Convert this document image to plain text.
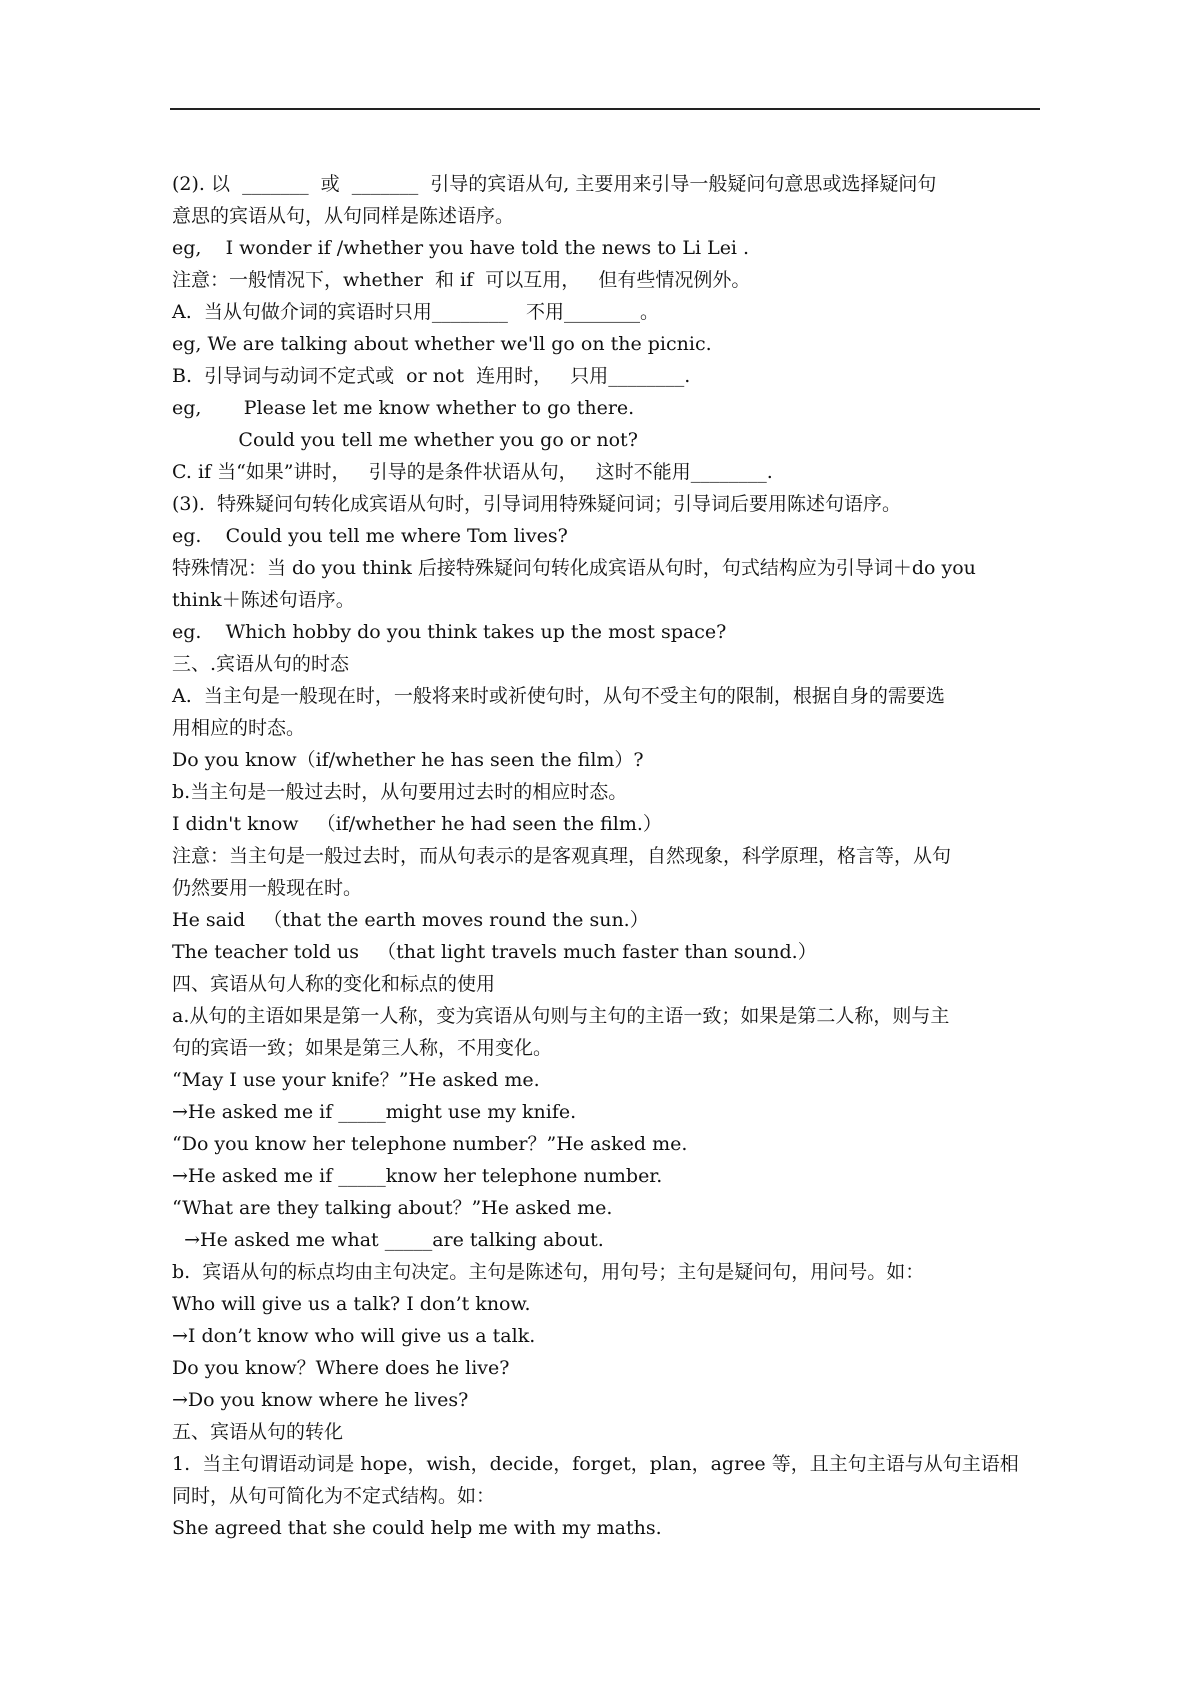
(2). 以  _______  或  _______  引导的宾语从句, 主要用来引导一般疑问句意思或选择疑问句
意思的宾语从句，从句同样是陈述语序。
eg,    I wonder if /whether you have told the news to Li Lei .
注意：一般情况下，whether  和 if  可以互用，   但有些情况例外。
A.  当从句做介词的宾语时只用________   不用________。
eg, We are talking about whether we'll go on the picnic.
B.  引导词与动词不定式或  or not  连用时，   只用________.
eg,       Please let me know whether to go there.
Could you tell me whether you go or not?
C. if 当“如果”讲时，   引导的是条件状语从句，   这时不能用________.
(3).  特殊疑问句转化成宾语从句时，引导词用特殊疑问词；引导词后要用陈述句语序。
eg.    Could you tell me where Tom lives?
特殊情况：当 do you think 后接特殊疑问句转化成宾语从句时，句式结构应为引导词＋do you
think＋陈述句语序。
eg.    Which hobby do you think takes up the most space?
三、.宾语从句的时态
A.  当主句是一般现在时，一般将来时或祈使句时，从句不受主句的限制，根据自身的需要选
用相应的时态。
Do you know（if/whether he has seen the film）?
b.当主句是一般过去时，从句要用过去时的相应时态。
I didn't know   （if/whether he had seen the film.）
注意：当主句是一般过去时，而从句表示的是客观真理，自然现象，科学原理，格言等，从句
仍然要用一般现在时。
He said   （that the earth moves round the sun.）
The teacher told us   （that light travels much faster than sound.）
四、宾语从句人称的变化和标点的使用
a.从句的主语如果是第一人称，变为宾语从句则与主句的主语一致；如果是第二人称，则与主
句的宾语一致；如果是第三人称，不用变化。
“May I use your knife？”He asked me.
→He asked me if _____might use my knife.
“Do you know her telephone number？”He asked me.
→He asked me if _____know her telephone number.
“What are they talking about？”He asked me.
→He asked me what _____are talking about.
b.  宾语从句的标点均由主句决定。主句是陈述句，用句号；主句是疑问句，用问号。如：
Who will give us a talk? I don’t know.
→I don’t know who will give us a talk.
Do you know？Where does he live?
→Do you know where he lives?
五、宾语从句的转化
1.  当主句谓语动词是 hope，wish，decide，forget，plan，agree 等，且主句主语与从句主语相
同时，从句可简化为不定式结构。如：
She agreed that she could help me with my maths.
